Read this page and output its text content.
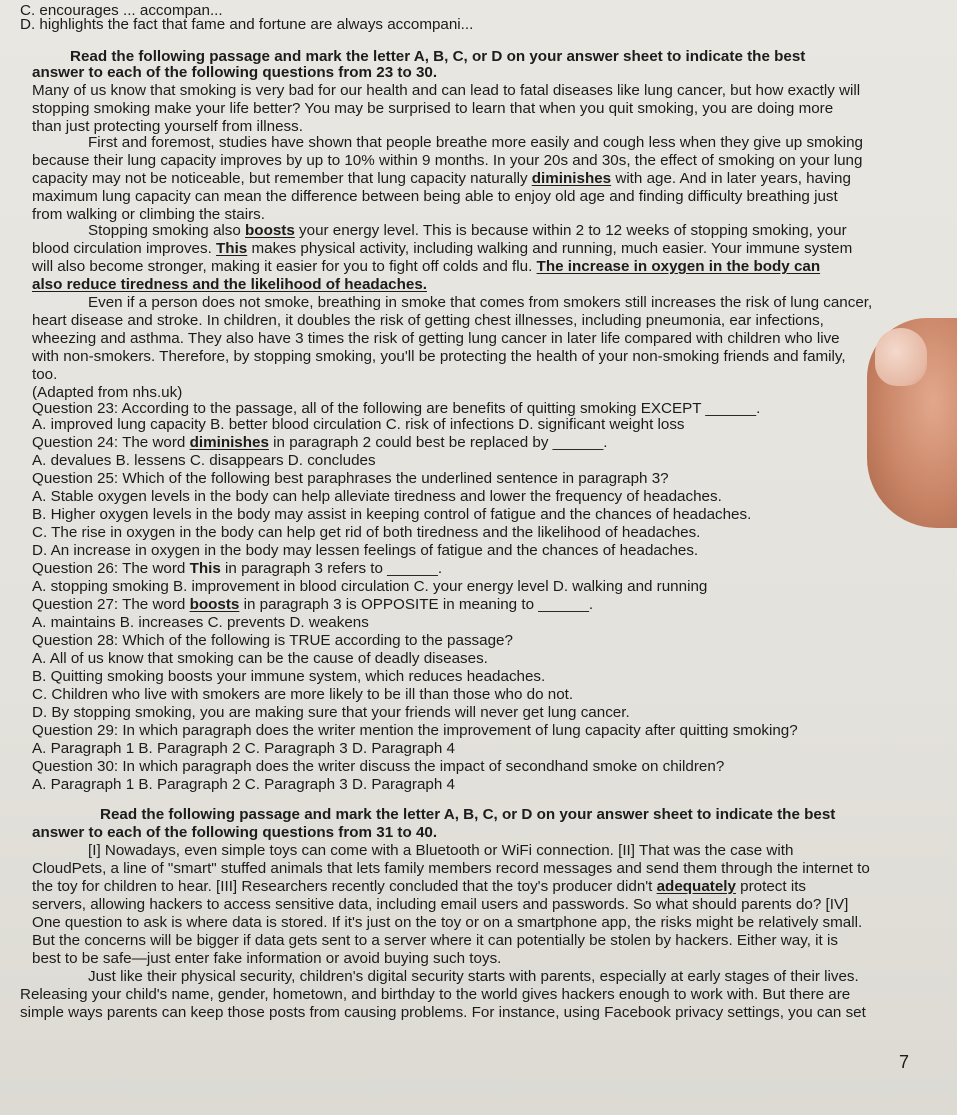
C. encourages ... accompan...
D. highlights the fact that fame and fortune are always accompani...
Read the following passage and mark the letter A, B, C, or D on your answer sheet to indicate the best
answer to each of the following questions from 23 to 30.
Many of us know that smoking is very bad for our health and can lead to fatal diseases like lung cancer, but how exactly will
stopping smoking make your life better? You may be surprised to learn that when you quit smoking, you are doing more
than just protecting yourself from illness.
First and foremost, studies have shown that people breathe more easily and cough less when they give up smoking
because their lung capacity improves by up to 10% within 9 months. In your 20s and 30s, the effect of smoking on your lung
capacity may not be noticeable, but remember that lung capacity naturally diminishes with age. And in later years, having
maximum lung capacity can mean the difference between being able to enjoy old age and finding difficulty breathing just
from walking or climbing the stairs.
Stopping smoking also boosts your energy level. This is because within 2 to 12 weeks of stopping smoking, your
blood circulation improves. This makes physical activity, including walking and running, much easier. Your immune system
will also become stronger, making it easier for you to fight off colds and flu. The increase in oxygen in the body can
also reduce tiredness and the likelihood of headaches.
Even if a person does not smoke, breathing in smoke that comes from smokers still increases the risk of lung cancer,
heart disease and stroke. In children, it doubles the risk of getting chest illnesses, including pneumonia, ear infections,
wheezing and asthma. They also have 3 times the risk of getting lung cancer in later life compared with children who live
with non-smokers. Therefore, by stopping smoking, you'll be protecting the health of your non-smoking friends and family,
too.
(Adapted from nhs.uk)
Question 23: According to the passage, all of the following are benefits of quitting smoking EXCEPT ______.
A. improved lung capacity B. better blood circulation C. risk of infections D. significant weight loss
Question 24: The word diminishes in paragraph 2 could best be replaced by ______.
A. devalues B. lessens C. disappears D. concludes
Question 25: Which of the following best paraphrases the underlined sentence in paragraph 3?
A. Stable oxygen levels in the body can help alleviate tiredness and lower the frequency of headaches.
B. Higher oxygen levels in the body may assist in keeping control of fatigue and the chances of headaches.
C. The rise in oxygen in the body can help get rid of both tiredness and the likelihood of headaches.
D. An increase in oxygen in the body may lessen feelings of fatigue and the chances of headaches.
Question 26: The word This in paragraph 3 refers to ______.
A. stopping smoking B. improvement in blood circulation C. your energy level D. walking and running
Question 27: The word boosts in paragraph 3 is OPPOSITE in meaning to ______.
A. maintains B. increases C. prevents D. weakens
Question 28: Which of the following is TRUE according to the passage?
A. All of us know that smoking can be the cause of deadly diseases.
B. Quitting smoking boosts your immune system, which reduces headaches.
C. Children who live with smokers are more likely to be ill than those who do not.
D. By stopping smoking, you are making sure that your friends will never get lung cancer.
Question 29: In which paragraph does the writer mention the improvement of lung capacity after quitting smoking?
A. Paragraph 1 B. Paragraph 2 C. Paragraph 3 D. Paragraph 4
Question 30: In which paragraph does the writer discuss the impact of secondhand smoke on children?
A. Paragraph 1 B. Paragraph 2 C. Paragraph 3 D. Paragraph 4
Read the following passage and mark the letter A, B, C, or D on your answer sheet to indicate the best
answer to each of the following questions from 31 to 40.
[I] Nowadays, even simple toys can come with a Bluetooth or WiFi connection. [II] That was the case with
CloudPets, a line of "smart" stuffed animals that lets family members record messages and send them through the internet to
the toy for children to hear. [III] Researchers recently concluded that the toy's producer didn't adequately protect its
servers, allowing hackers to access sensitive data, including email users and passwords. So what should parents do? [IV]
One question to ask is where data is stored. If it's just on the toy or on a smartphone app, the risks might be relatively small.
But the concerns will be bigger if data gets sent to a server where it can potentially be stolen by hackers. Either way, it is
best to be safe—just enter fake information or avoid buying such toys.
Just like their physical security, children's digital security starts with parents, especially at early stages of their lives.
Releasing your child's name, gender, hometown, and birthday to the world gives hackers enough to work with. But there are
simple ways parents can keep those posts from causing problems. For instance, using Facebook privacy settings, you can set
7
